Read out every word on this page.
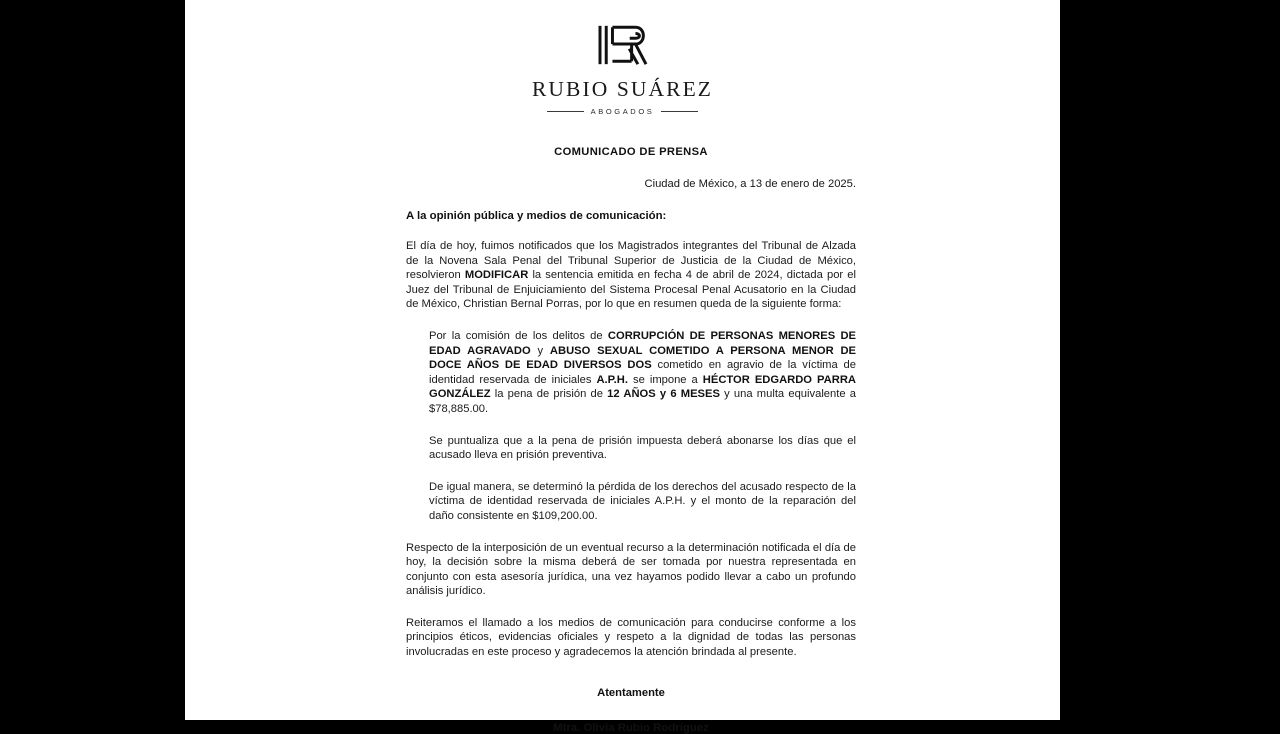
RUBIO SUÁREZ
ABOGADOS
COMUNICADO DE PRENSA
Ciudad de México, a 13 de enero de 2025.
A la opinión pública y medios de comunicación:

El día de hoy, fuimos notificados que los Magistrados integrantes del Tribunal de Alzada de la Novena Sala Penal del Tribunal Superior de Justicia de la Ciudad de México, resolvieron MODIFICAR la sentencia emitida en fecha 4 de abril de 2024, dictada por el Juez del Tribunal de Enjuiciamiento del Sistema Procesal Penal Acusatorio en la Ciudad de México, Christian Bernal Porras, por lo que en resumen queda de la siguiente forma:

Por la comisión de los delitos de CORRUPCIÓN DE PERSONAS MENORES DE EDAD AGRAVADO y ABUSO SEXUAL COMETIDO A PERSONA MENOR DE DOCE AÑOS DE EDAD DIVERSOS DOS cometido en agravio de la víctima de identidad reservada de iniciales A.P.H. se impone a HÉCTOR EDGARDO PARRA GONZÁLEZ la pena de prisión de 12 AÑOS y 6 MESES y una multa equivalente a $78,885.00.

Se puntualiza que a la pena de prisión impuesta deberá abonarse los días que el acusado lleva en prisión preventiva.

De igual manera, se determinó la pérdida de los derechos del acusado respecto de la víctima de identidad reservada de iniciales A.P.H. y el monto de la reparación del daño consistente en $109,200.00.

Respecto de la interposición de un eventual recurso a la determinación notificada el día de hoy, la decisión sobre la misma deberá de ser tomada por nuestra representada en conjunto con esta asesoría jurídica, una vez hayamos podido llevar a cabo un profundo análisis jurídico.

Reiteramos el llamado a los medios de comunicación para conducirse conforme a los principios éticos, evidencias oficiales y respeto a la dignidad de todas las personas involucradas en este proceso y agradecemos la atención brindada al presente.

Atentamente
Mtra. Olivia Rubio Rodríguez
